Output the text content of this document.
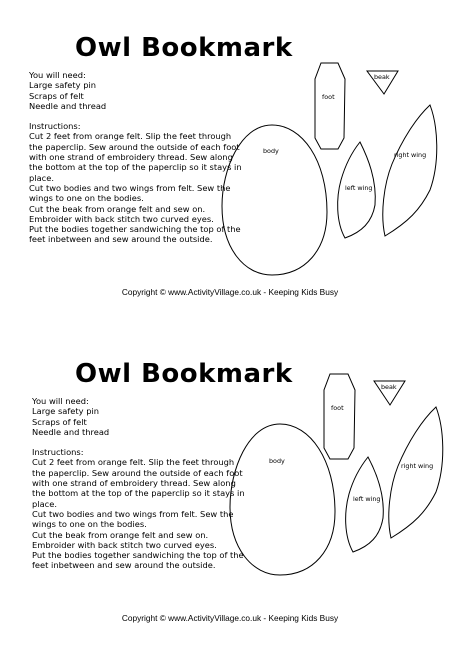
Owl Bookmark
You will need:
Large safety pin
Scraps of felt
Needle and thread
Instructions:
Cut 2 feet from orange felt. Slip the feet through
the paperclip. Sew around the outside of each foot
with one strand of embroidery thread. Sew along
the bottom at the top of the paperclip so it stays in
place.
Cut two bodies and two wings from felt. Sew the
wings to one on the bodies.
Cut the beak from orange felt and sew on.
Embroider with back stitch two curved eyes.
Put the bodies together sandwiching the top of the
feet inbetween and sew around the outside.
foot
beak
body
left wing
right wing
Copyright © www.ActivityVillage.co.uk - Keeping Kids Busy
Owl Bookmark
You will need:
Large safety pin
Scraps of felt
Needle and thread
Instructions:
Cut 2 feet from orange felt. Slip the feet through
the paperclip. Sew around the outside of each foot
with one strand of embroidery thread. Sew along
the bottom at the top of the paperclip so it stays in
place.
Cut two bodies and two wings from felt. Sew the
wings to one on the bodies.
Cut the beak from orange felt and sew on.
Embroider with back stitch two curved eyes.
Put the bodies together sandwiching the top of the
feet inbetween and sew around the outside.
foot
beak
body
left wing
right wing
Copyright © www.ActivityVillage.co.uk - Keeping Kids Busy
